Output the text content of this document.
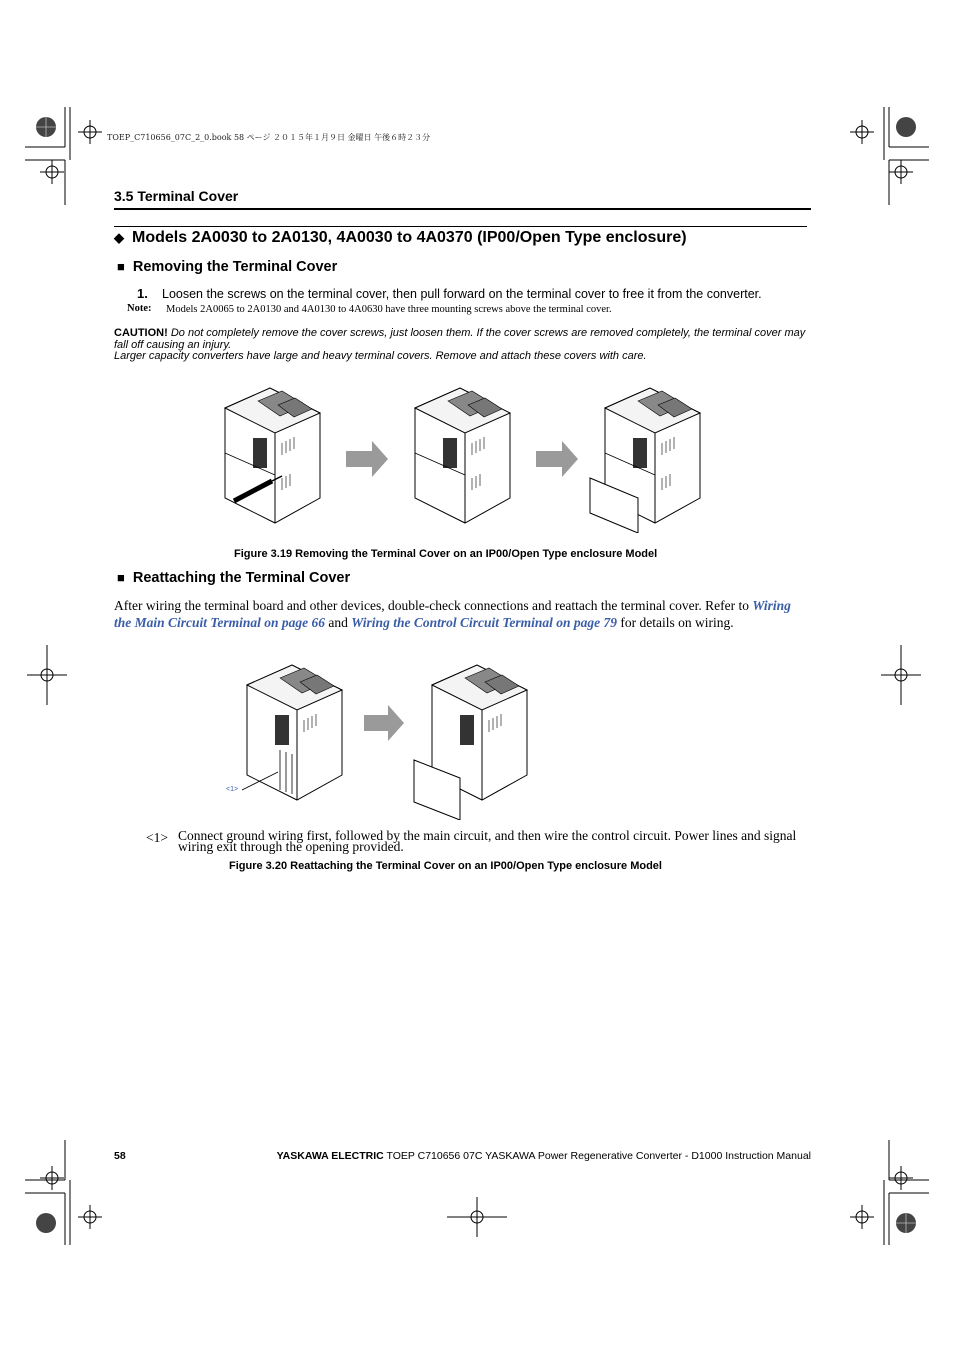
TOEP_C710656_07C_2_0.book 58 ページ ２０１５年１月９日 金曜日 午後６時２３分
3.5 Terminal Cover
◆ Models 2A0030 to 2A0130, 4A0030 to 4A0370 (IP00/Open Type enclosure)
■ Removing the Terminal Cover
1. Loosen the screws on the terminal cover, then pull forward on the terminal cover to free it from the converter.
Note: Models 2A0065 to 2A0130 and 4A0130 to 4A0630 have three mounting screws above the terminal cover.
CAUTION! Do not completely remove the cover screws, just loosen them. If the cover screws are removed completely, the terminal cover may fall off causing an injury.
Larger capacity converters have large and heavy terminal covers. Remove and attach these covers with care.
Figure 3.19 Removing the Terminal Cover on an IP00/Open Type enclosure Model
■ Reattaching the Terminal Cover
After wiring the terminal board and other devices, double-check connections and reattach the terminal cover. Refer to Wiring the Main Circuit Terminal on page 66 and Wiring the Control Circuit Terminal on page 79 for details on wiring.
<1>
<1> Connect ground wiring first, followed by the main circuit, and then wire the control circuit. Power lines and signal wiring exit through the opening provided.
Figure 3.20 Reattaching the Terminal Cover on an IP00/Open Type enclosure Model
58	YASKAWA ELECTRIC TOEP C710656 07C YASKAWA Power Regenerative Converter - D1000 Instruction Manual
